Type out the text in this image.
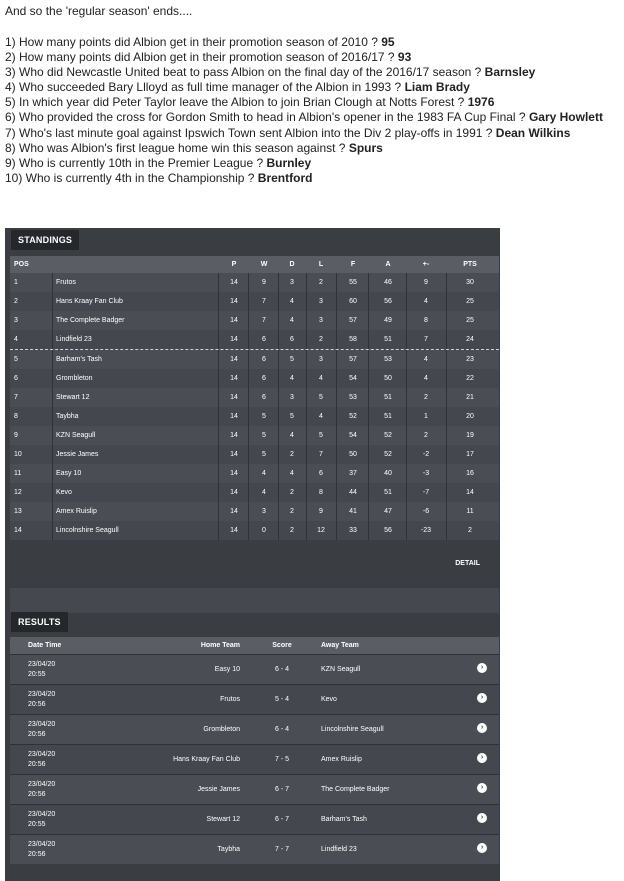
And so the 'regular season' ends....
1) How many points did Albion get in their promotion season of 2010 ? 95
2) How many points did Albion get in their promotion season of 2016/17 ? 93
3) Who did Newcastle United beat to pass Albion on the final day of the 2016/17 season ? Barnsley
4) Who succeeded Bary Llloyd as full time manager of the Albion in 1993 ? Liam Brady
5) In which year did Peter Taylor leave the Albion to join Brian Clough at Notts Forest ? 1976
6) Who provided the cross for Gordon Smith to head in Albion's opener in the 1983 FA Cup Final ? Gary Howlett
7) Who's last minute goal against Ipswich Town sent Albion into the Div 2 play-offs in 1991 ? Dean Wilkins
8) Who was Albion's first league home win this season against ? Spurs
9) Who is currently 10th in the Premier League ? Burnley
10) Who is currently 4th in the Championship ? Brentford
STANDINGS
POS	P	W	D	L	F	A	+-	PTS
1	Frutos	14	9	3	2	55	46	9	30
2	Hans Kraay Fan Club	14	7	4	3	60	56	4	25
3	The Complete Badger	14	7	4	3	57	49	8	25
4	Lindfield 23	14	6	6	2	58	51	7	24
5	Barham's Tash	14	6	5	3	57	53	4	23
6	Grombleton	14	6	4	4	54	50	4	22
7	Stewart 12	14	6	3	5	53	51	2	21
8	Taybha	14	5	5	4	52	51	1	20
9	KZN Seagull	14	5	4	5	54	52	2	19
10	Jessie James	14	5	2	7	50	52	-2	17
11	Easy 10	14	4	4	6	37	40	-3	16
12	Kevo	14	4	2	8	44	51	-7	14
13	Amex Ruislip	14	3	2	9	41	47	-6	11
14	Lincolnshire Seagull	14	0	2	12	33	56	-23	2
DETAIL
RESULTS
Date Time	Home Team	Score	Away Team
23/04/20
20:55
Easy 10	6 - 4	KZN Seagull	›
23/04/20
20:56
Frutos	5 - 4	Kevo	›
23/04/20
20:56
Grombleton	6 - 4	Lincolnshire Seagull	›
23/04/20
20:56
Hans Kraay Fan Club	7 - 5	Amex Ruislip	›
23/04/20
20:56
Jessie James	6 - 7	The Complete Badger	›
23/04/20
20:55
Stewart 12	6 - 7	Barham's Tash	›
23/04/20
20:56
Taybha	7 - 7	Lindfield 23	›
